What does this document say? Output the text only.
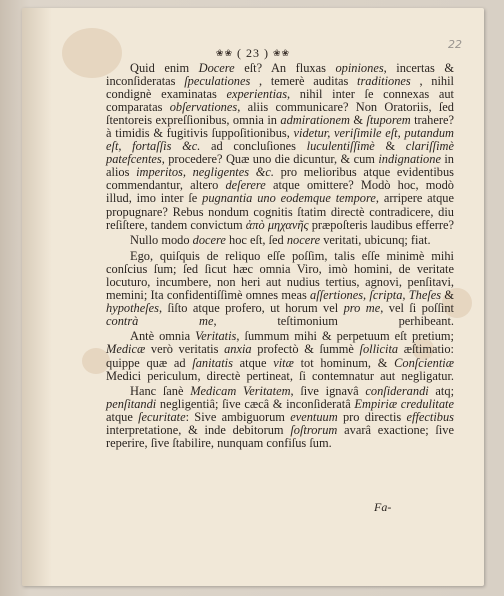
22
❀❀ ( 23 ) ❀❀

Quid enim Docere eſt? An fluxas opiniones, incertas & inconſideratas ſpeculationes , temerè auditas traditiones , nihil condignè examinatas experientias, nihil inter ſe connexas aut comparatas obſervationes, aliis communicare? Non Oratoriis, ſed ſtentoreis expreſſionibus, omnia in admirationem & ſtuporem trahere? à timidis & fugitivis ſuppoſitionibus, videtur, veriſimile eſt, putandum eſt, fortaſſis &c. ad concluſiones luculentiſſimè & clariſſimè patefcentes, procedere? Quæ uno die dicuntur, & cum indignatione in alios imperitos, negligentes &c. pro melioribus atque evidentibus commendantur, altero deſerere atque omittere? Modò hoc, modò illud, imo inter ſe pugnantia uno eodemque tempore, arripere atque propugnare? Rebus nondum cognitis ſtatim directè contradicere, diu reſiſtere, tandem convictum ἀπὸ μηχανῆς præpoſteris laudibus efferre?

Nullo modo docere hoc eſt, ſed nocere veritati, ubicunq; fiat.

Ego, quiſquis de reliquo eſſe poſſim, talis eſſe minimè mihi conſcius ſum; ſed ſicut hæc omnia Viro, imò homini, de veritate locuturo, incumbere, non heri aut nudius tertius, agnovi, penſitavi, memini; Ita confidentiſſimè omnes meas aſſertiones, ſcripta, Theſes & hypotheſes, ſiſto atque profero, ut horum vel pro me, vel ſi poſſint contrà me, teſtimonium perhibeant.

Antè omnia Veritatis, ſummum mihi & perpetuum eſt pretium; Medicæ verò veritatis anxia profectò & ſummè ſollicita æſtimatio: quippe quæ ad ſanitatis atque vitæ tot hominum, & Conſcientiæ Medici periculum, directè pertineat, ſi contemnatur aut negligatur.

Hanc ſanè Medicam Veritatem, ſive ignavâ conſiderandi atq; penſitandi negligentiâ; ſive cæcâ & inconſideratâ Empiriæ credulitate atque ſecuritate: Sive ambiguorum eventuum pro directis effectibus interpretatione, & inde debitorum ſoſtrorum avarâ exactione; ſive reperire, ſive ſtabilire, nunquam confiſus ſum.

Fa-
